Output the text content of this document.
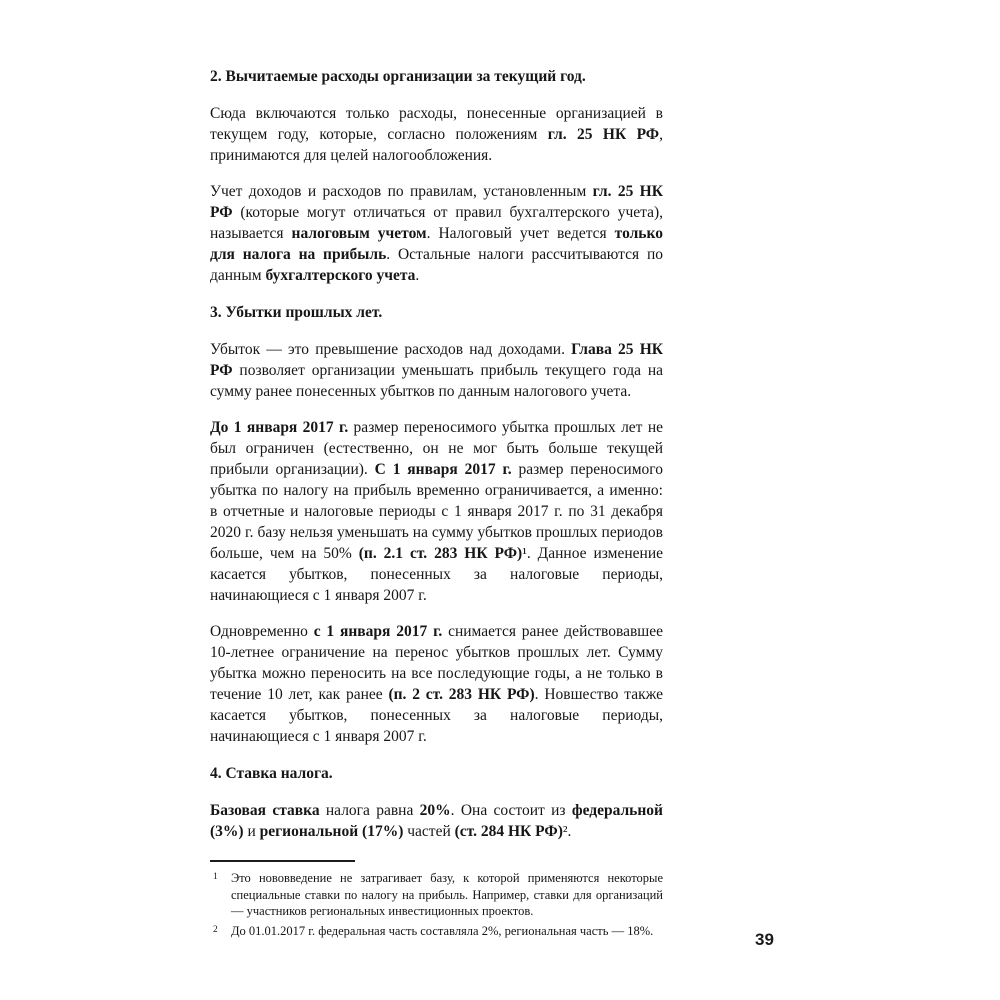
2. Вычитаемые расходы организации за текущий год.

Сюда включаются только расходы, понесенные организацией в текущем году, которые, согласно положениям гл. 25 НК РФ, принимаются для целей налогообложения.

Учет доходов и расходов по правилам, установленным гл. 25 НК РФ (которые могут отличаться от правил бухгалтерского учета), называется налоговым учетом. Налоговый учет ведется только для налога на прибыль. Остальные налоги рассчитываются по данным бухгалтерского учета.

3. Убытки прошлых лет.

Убыток — это превышение расходов над доходами. Глава 25 НК РФ позволяет организации уменьшать прибыль текущего года на сумму ранее понесенных убытков по данным налогового учета.

До 1 января 2017 г. размер переносимого убытка прошлых лет не был ограничен (естественно, он не мог быть больше текущей прибыли организации). С 1 января 2017 г. размер переносимого убытка по налогу на прибыль временно ограничивается, а именно: в отчетные и налоговые периоды с 1 января 2017 г. по 31 декабря 2020 г. базу нельзя уменьшать на сумму убытков прошлых периодов больше, чем на 50% (п. 2.1 ст. 283 НК РФ)¹. Данное изменение касается убытков, понесенных за налоговые периоды, начинающиеся с 1 января 2007 г.

Одновременно с 1 января 2017 г. снимается ранее действовавшее 10-летнее ограничение на перенос убытков прошлых лет. Сумму убытка можно переносить на все последующие годы, а не только в течение 10 лет, как ранее (п. 2 ст. 283 НК РФ). Новшество также касается убытков, понесенных за налоговые периоды, начинающиеся с 1 января 2007 г.

4. Ставка налога.

Базовая ставка налога равна 20%. Она состоит из федеральной (3%) и региональной (17%) частей (ст. 284 НК РФ)².

1	Это нововведение не затрагивает базу, к которой применяются некоторые специальные ставки по налогу на прибыль. Например, ставки для организаций — участников региональных инвестиционных проектов.
2	До 01.01.2017 г. федеральная часть составляла 2%, региональная часть — 18%.	39
